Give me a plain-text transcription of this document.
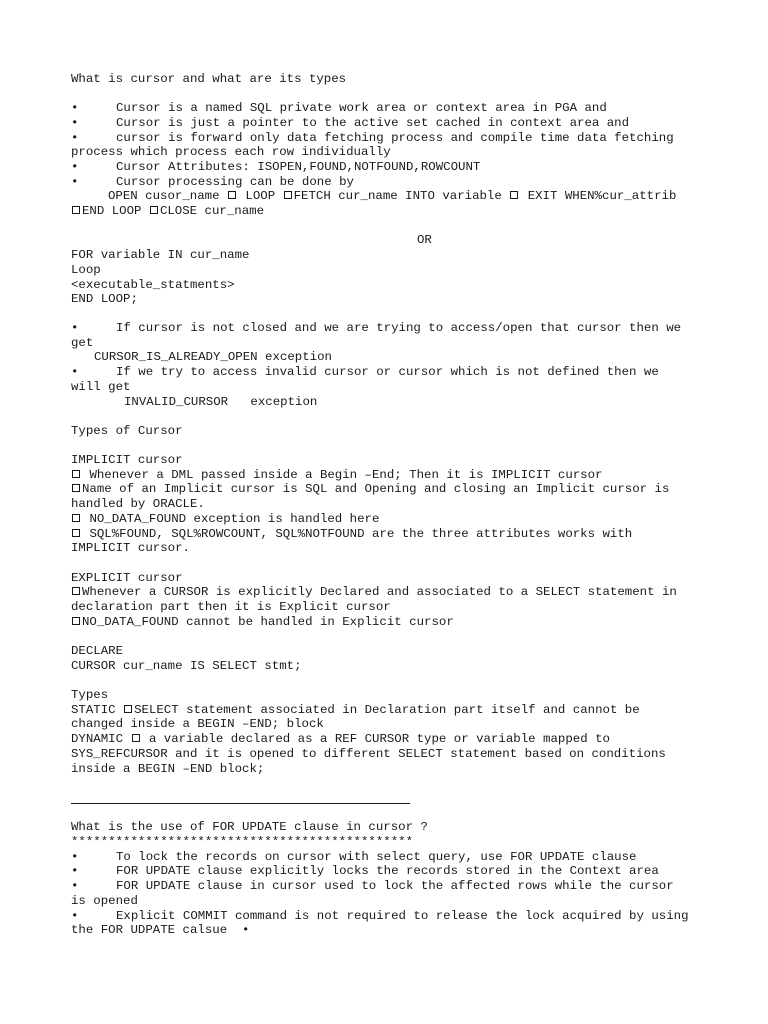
What is cursor and what are its types
•	Cursor is a named SQL private work area or context area in PGA and
•	Cursor is just a pointer to the active set cached in context area and
•	cursor is forward only data fetching process and compile time data fetching
process which process each row individually
•	Cursor Attributes: ISOPEN,FOUND,NOTFOUND,ROWCOUNT
•	Cursor processing can be done by
OPEN cusor_name LOOP FETCH cur_name INTO variable EXIT WHEN%cur_attrib
END LOOP CLOSE cur_name
OR
FOR variable IN cur_name
Loop
<executable_statments>
END LOOP;
•	If cursor is not closed and we are trying to access/open that cursor then we
get
CURSOR_IS_ALREADY_OPEN exception
•	If we try to access invalid cursor or cursor which is not defined then we
will get
INVALID_CURSOR   exception
Types of Cursor
IMPLICIT cursor
Whenever a DML passed inside a Begin –End; Then it is IMPLICIT cursor
Name of an Implicit cursor is SQL and Opening and closing an Implicit cursor is
handled by ORACLE.
NO_DATA_FOUND exception is handled here
SQL%FOUND, SQL%ROWCOUNT, SQL%NOTFOUND are the three attributes works with
IMPLICIT cursor.
EXPLICIT cursor
Whenever a CURSOR is explicitly Declared and associated to a SELECT statement in
declaration part then it is Explicit cursor
NO_DATA_FOUND cannot be handled in Explicit cursor
DECLARE
CURSOR cur_name IS SELECT stmt;
Types
STATIC SELECT statement associated in Declaration part itself and cannot be
changed inside a BEGIN –END; block
DYNAMIC a variable declared as a REF CURSOR type or variable mapped to
SYS_REFCURSOR and it is opened to different SELECT statement based on conditions
inside a BEGIN –END block;
What is the use of FOR UPDATE clause in cursor ?
**********************************************
•	To lock the records on cursor with select query, use FOR UPDATE clause
•	FOR UPDATE clause explicitly locks the records stored in the Context area
•	FOR UPDATE clause in cursor used to lock the affected rows while the cursor
is opened
•	Explicit COMMIT command is not required to release the lock acquired by using
the FOR UDPATE calsue •
